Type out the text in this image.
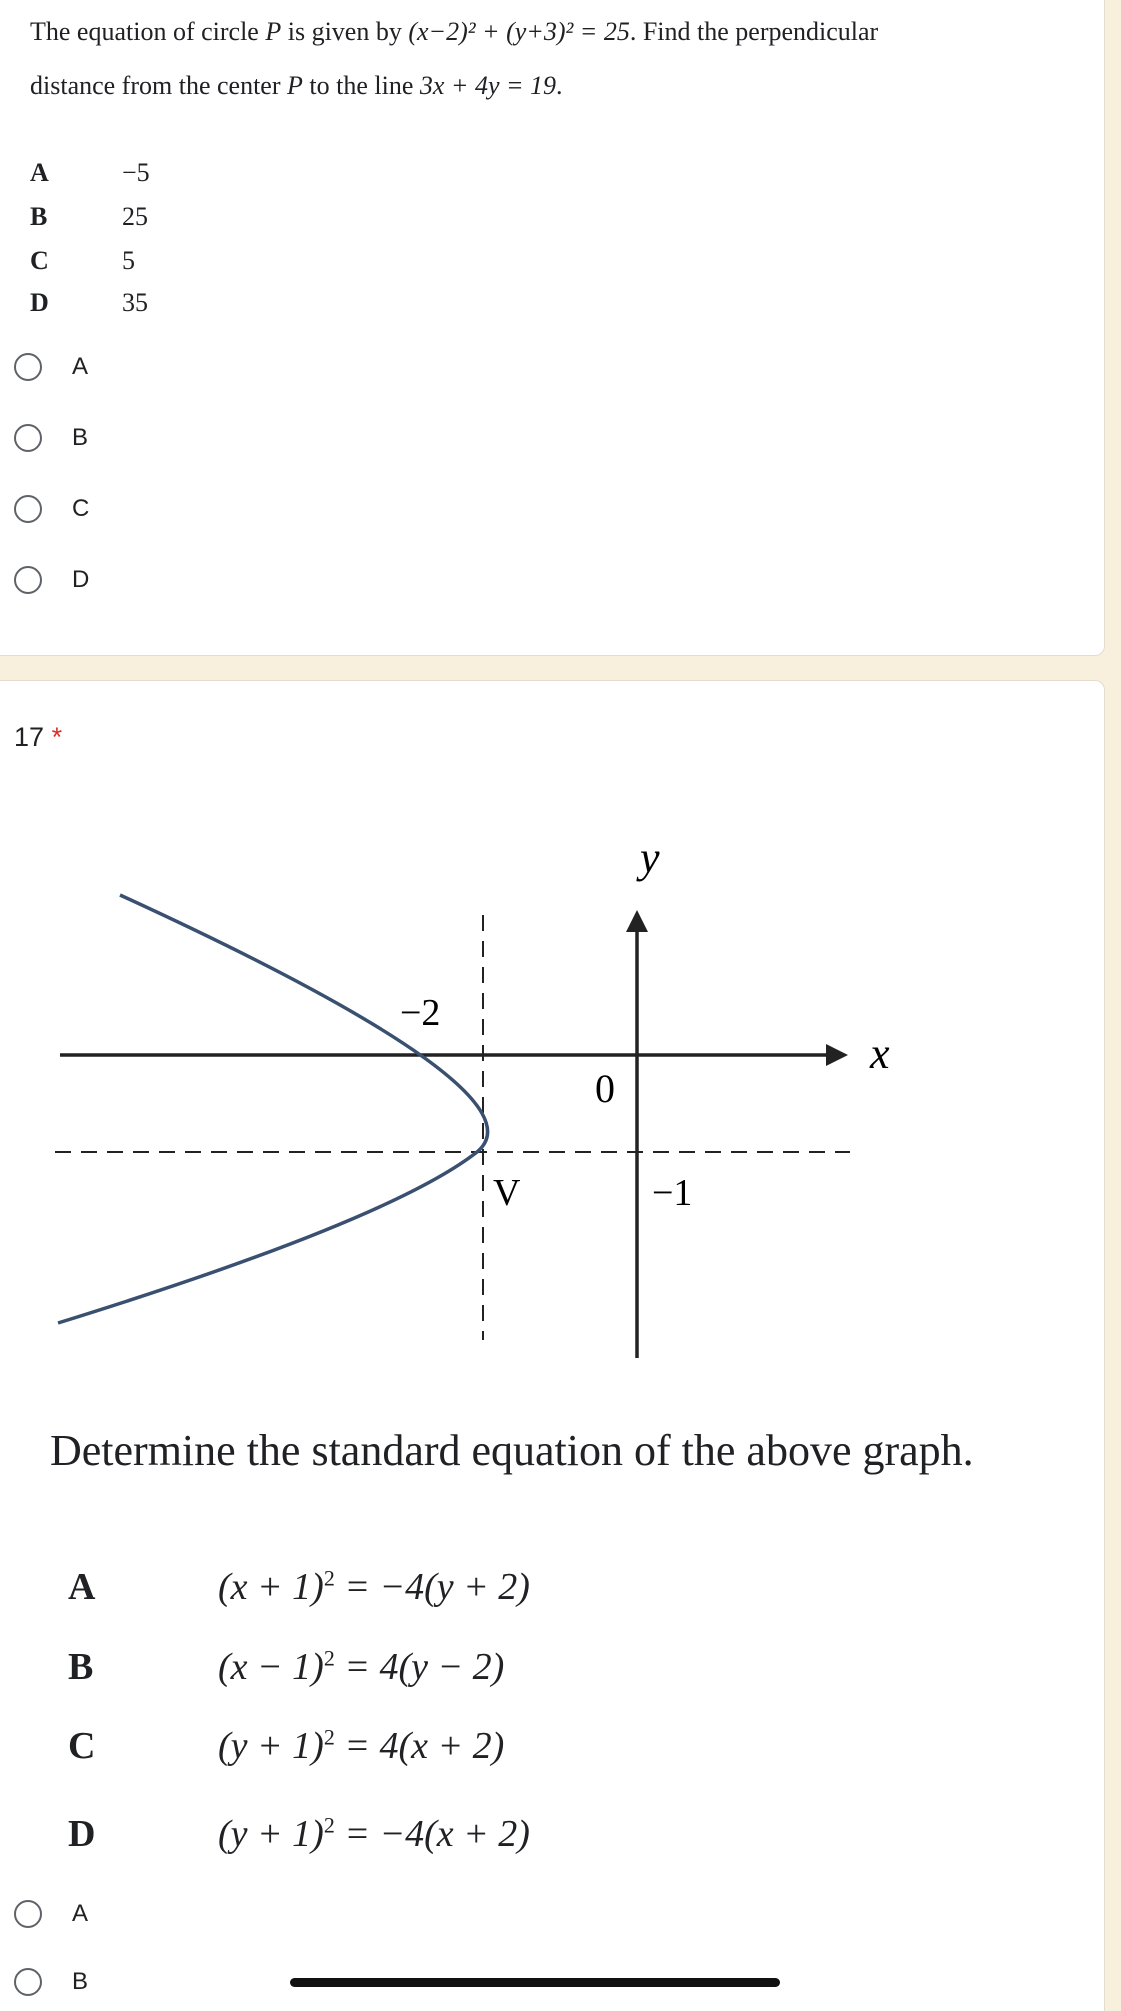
The equation of circle P is given by (x−2)² + (y+3)² = 25. Find the perpendicular
distance from the center P to the line 3x + 4y = 19.
A	−5
B	25
C	5
D	35
A
B
C
D
17 *
y
x
0
−2
V	−1
Determine the standard equation of the above graph.
A	$(x + 1)^2 = -4(y + 2)$
B	$(x - 1)^2 = 4(y - 2)$
C	$(y + 1)^2 = 4(x + 2)$
D	$(y + 1)^2 = -4(x + 2)$
A
B
